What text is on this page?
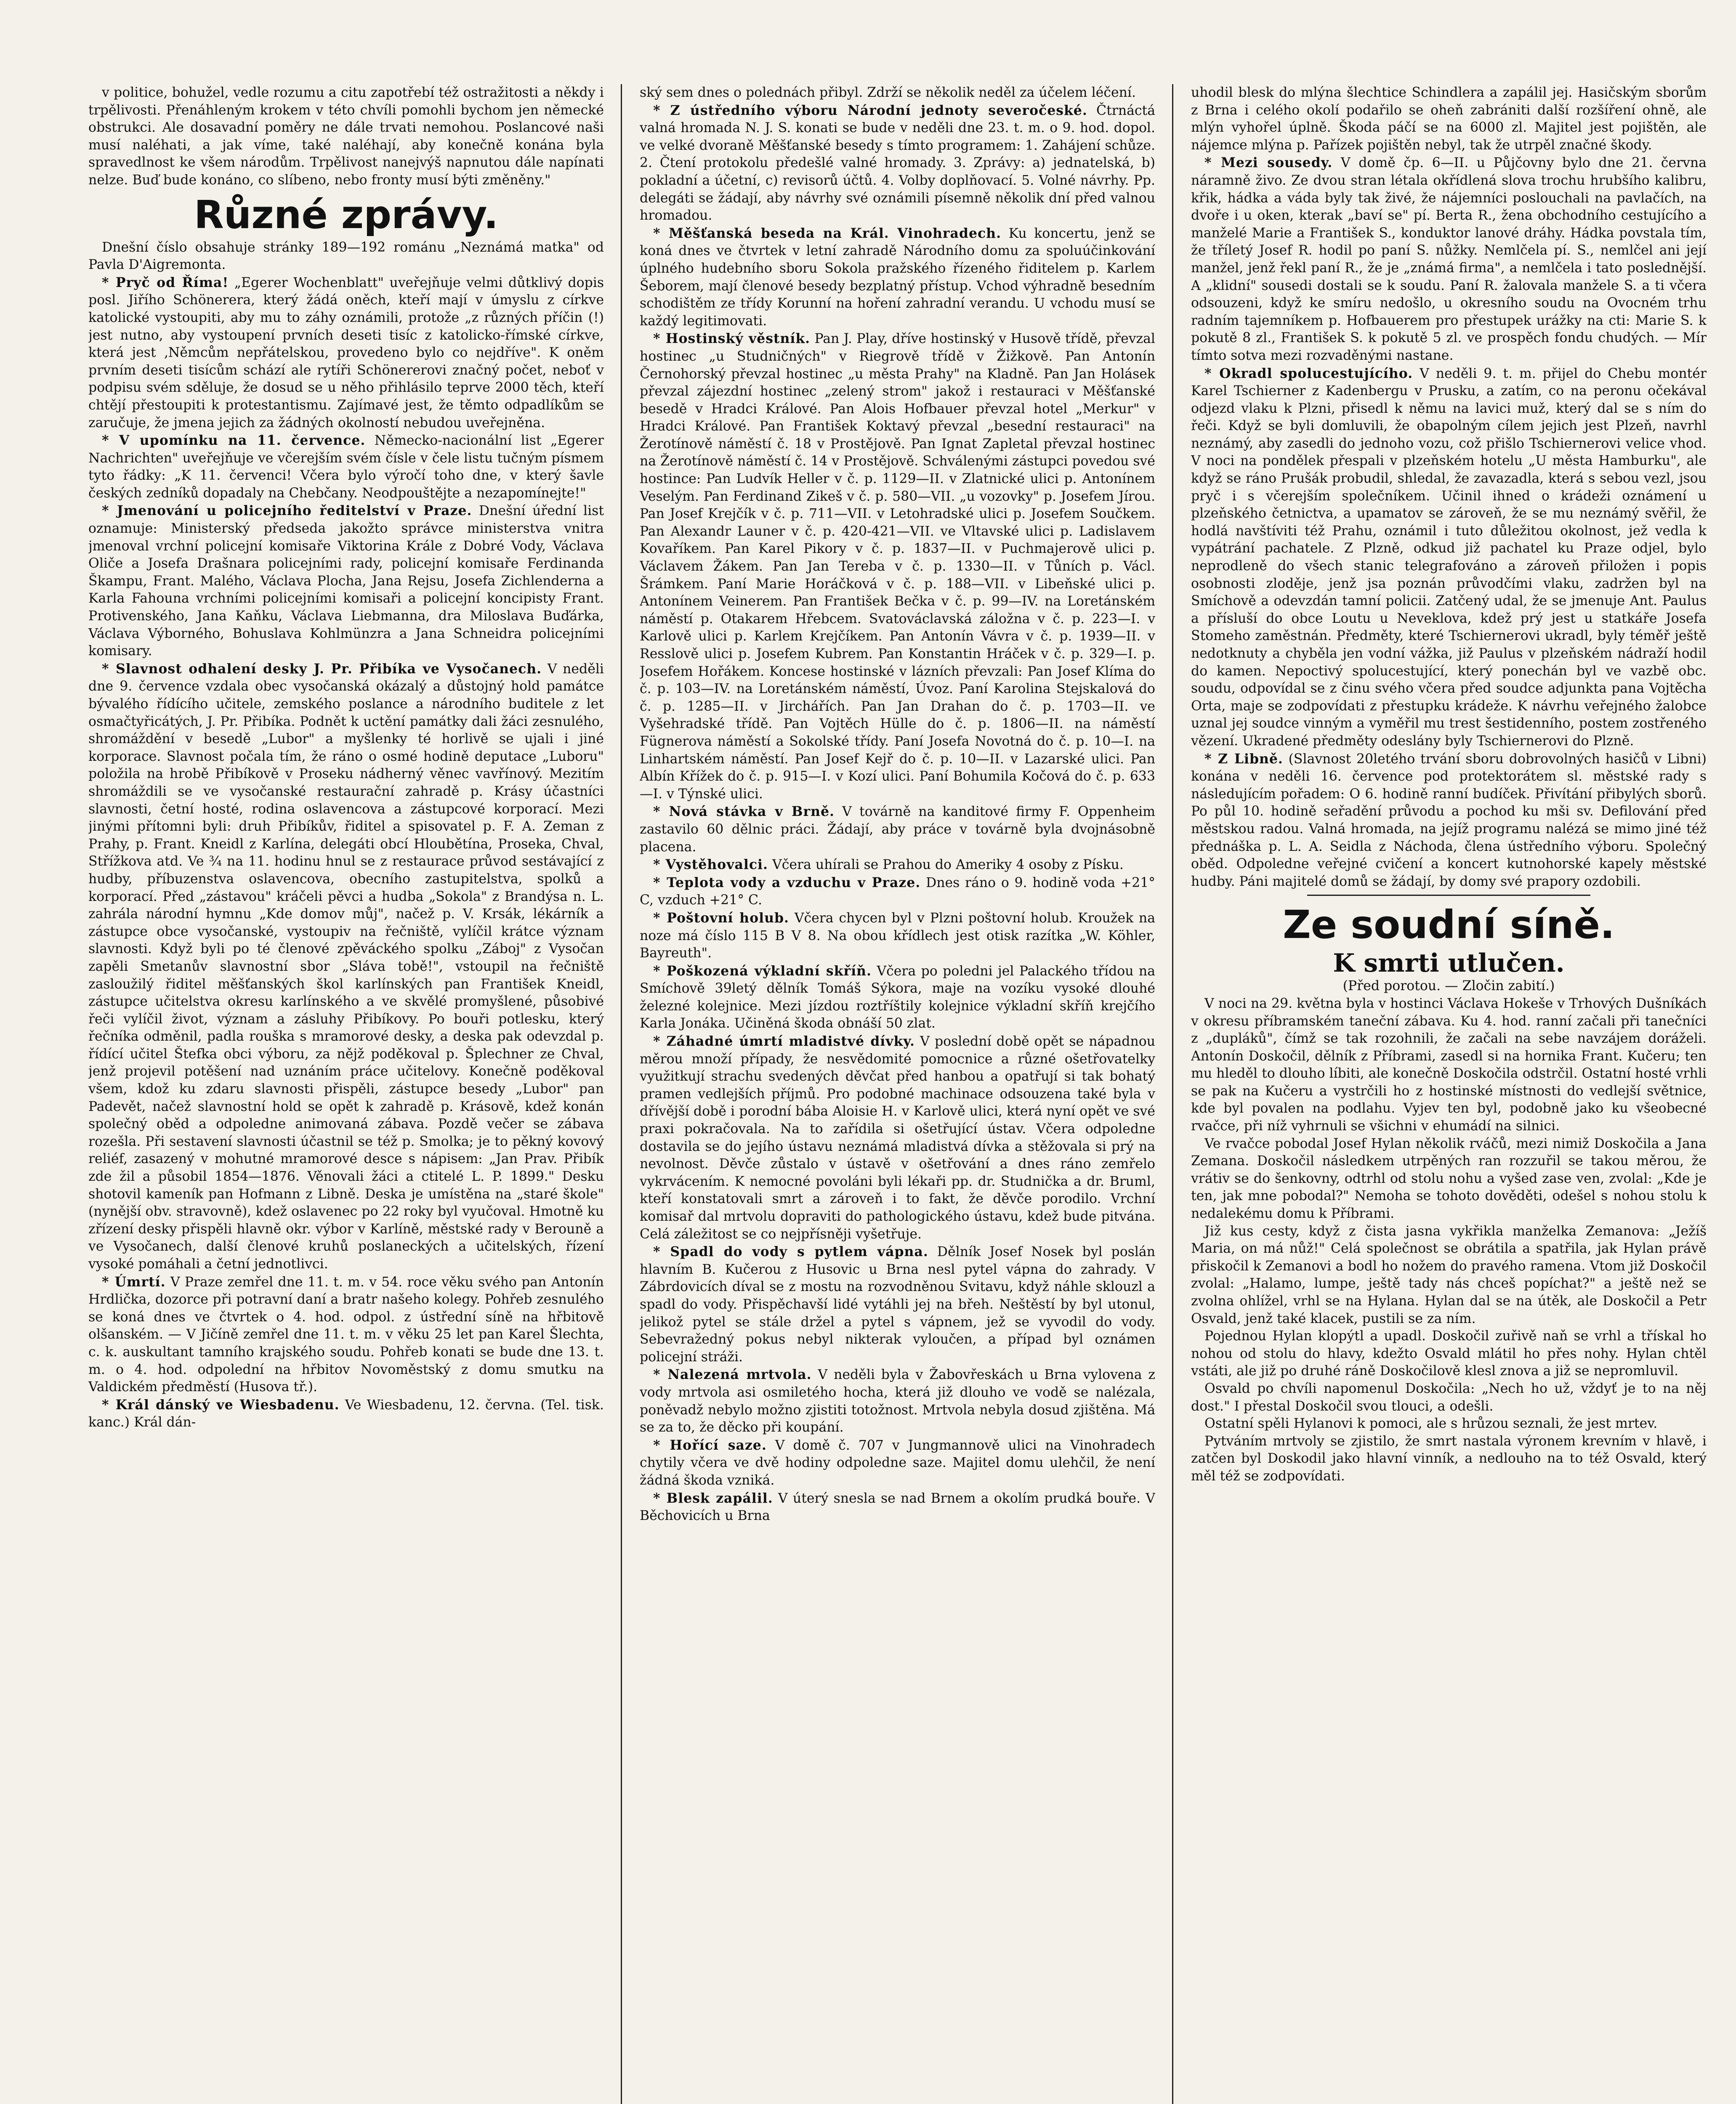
v politice, bohužel, vedle rozumu a citu zapotřebí též ostražitosti a někdy i trpělivosti. Přenáhleným krokem v této chvíli pomohli bychom jen německé obstrukci. Ale dosavadní poměry ne dále trvati nemohou. Poslancové naši musí naléhati, a jak víme, také naléhají, aby konečně konána byla spravedlnost ke všem národům. Trpělivost nanejvýš napnutou dále napínati nelze. Buď bude konáno, co slíbeno, nebo fronty musí býti změněny."

Různé zprávy.

Dnešní číslo obsahuje stránky 189—192 románu „Neznámá matka" od Pavla D'Aigremonta.

* Pryč od Říma! „Egerer Wochenblatt" uveřejňuje velmi důtklivý dopis posl. Jiřího Schönerera, který žádá oněch, kteří mají v úmyslu z církve katolické vystoupiti, aby mu to záhy oznámili, protože „z různých příčin (!) jest nutno, aby vystoupení prvních deseti tisíc z katolicko-římské církve, která jest ‚Němcům nepřátelskou, provedeno bylo co nejdříve". K oněm prvním deseti tisícům schází ale rytíři Schönererovi značný počet, neboť v podpisu svém sděluje, že dosud se u něho přihlásilo teprve 2000 těch, kteří chtějí přestoupiti k protestantismu. Zajímavé jest, že těmto odpadlíkům se zaručuje, že jmena jejich za žádných okolností nebudou uveřejněna.

* V upomínku na 11. července. Německo-nacionální list „Egerer Nachrichten" uveřejňuje ve včerejším svém čísle v čele listu tučným písmem tyto řádky: „K 11. červenci! Včera bylo výročí toho dne, v který šavle českých zedníků dopadaly na Chebčany. Neodpouštějte a nezapomínejte!"

* Jmenování u policejního ředitelství v Praze. Dnešní úřední list oznamuje: Ministerský předseda jakožto správce ministerstva vnitra jmenoval vrchní policejní komisaře Viktorina Krále z Dobré Vody, Václava Oliče a Josefa Drašnara policejními rady, policejní komisaře Ferdinanda Škampu, Frant. Malého, Václava Plocha, Jana Rejsu, Josefa Zichlenderna a Karla Fahouna vrchními policejními komisaři a policejní koncipisty Frant. Protivenského, Jana Kaňku, Václava Liebmanna, dra Miloslava Buďárka, Václava Výborného, Bohuslava Kohlmünzra a Jana Schneidra policejními komisary.

* Slavnost odhalení desky J. Pr. Přibíka ve Vysočanech. V neděli dne 9. července vzdala obec vysočanská okázalý a důstojný hold památce bývalého řídícího učitele, zemského poslance a národního buditele z let osmačtyřicátých, J. Pr. Přibíka. Podnět k uctění památky dali žáci zesnulého, shromáždění v besedě „Lubor" a myšlenky té horlivě se ujali i jiné korporace. Slavnost počala tím, že ráno o osmé hodině deputace „Luboru" položila na hrobě Přibíkově v Proseku nádherný věnec vavřínový. Mezitím shromáždili se ve vysočanské restaurační zahradě p. Krásy účastníci slavnosti, četní hosté, rodina oslavencova a zástupcové korporací. Mezi jinými přítomni byli: druh Přibíkův, řiditel a spisovatel p. F. A. Zeman z Prahy, p. Frant. Kneidl z Karlína, delegáti obcí Hloubětína, Proseka, Chval, Střížkova atd. Ve ¾ na 11. hodinu hnul se z restaurace průvod sestávající z hudby, příbuzenstva oslavencova, obecního zastupitelstva, spolků a korporací. Před „zástavou" kráčeli pěvci a hudba „Sokola" z Brandýsa n. L. zahrála národní hymnu „Kde domov můj", načež p. V. Krsák, lékárník a zástupce obce vysočanské, vystoupiv na řečniště, vylíčil krátce význam slavnosti. Když byli po té členové zpěváckého spolku „Záboj" z Vysočan zapěli Smetanův slavnostní sbor „Sláva tobě!", vstoupil na řečniště zasloužilý řiditel měšťanských škol karlínských pan František Kneidl, zástupce učitelstva okresu karlínského a ve skvělé promyšlené, působivé řeči vylíčil život, význam a zásluhy Přibíkovy. Po bouři potlesku, který řečníka odměnil, padla rouška s mramorové desky, a deska pak odevzdal p. řídící učitel Štefka obci výboru, za nějž poděkoval p. Šplechner ze Chval, jenž projevil potěšení nad uznáním práce učitelovy. Konečně poděkoval všem, kdož ku zdaru slavnosti přispěli, zástupce besedy „Lubor" pan Padevět, načež slavnostní hold se opět k zahradě p. Krásově, kdež konán společný oběd a odpoledne animovaná zábava. Pozdě večer se zábava rozešla. Při sestavení slavnosti účastnil se též p. Smolka; je to pěkný kovový reliéf, zasazený v mohutné mramorové desce s nápisem: „Jan Prav. Přibík zde žil a působil 1854—1876. Věnovali žáci a ctitelé L. P. 1899." Desku shotovil kameník pan Hofmann z Libně. Deska je umístěna na „staré škole" (nynější obv. stravovně), kdež oslavenec po 22 roky byl vyučoval. Hmotně ku zřízení desky přispěli hlavně okr. výbor v Karlíně, městské rady v Berouně a ve Vysočanech, další členové kruhů poslaneckých a učitelských, řízení vysoké pomáhali a četní jednotlivci.

* Úmrtí. V Praze zemřel dne 11. t. m. v 54. roce věku svého pan Antonín Hrdlička, dozorce při potravní daní a bratr našeho kolegy. Pohřeb zesnulého se koná dnes ve čtvrtek o 4. hod. odpol. z ústřední síně na hřbitově olšanském. — V Jičíně zemřel dne 11. t. m. v věku 25 let pan Karel Šlechta, c. k. auskultant tamního krajského soudu. Pohřeb konati se bude dne 13. t. m. o 4. hod. odpolední na hřbitov Novoměstský z domu smutku na Valdickém předměstí (Husova tř.).

* Král dánský ve Wiesbadenu. Ve Wiesbadenu, 12. června. (Tel. tisk. kanc.) Král dán-

ský sem dnes o polednách přibyl. Zdrží se několik neděl za účelem léčení.

* Z ústředního výboru Národní jednoty severočeské. Čtrnáctá valná hromada N. J. S. konati se bude v neděli dne 23. t. m. o 9. hod. dopol. ve velké dvoraně Měšťanské besedy s tímto programem: 1. Zahájení schůze. 2. Čtení protokolu předešlé valné hromady. 3. Zprávy: a) jednatelská, b) pokladní a účetní, c) revisorů účtů. 4. Volby doplňovací. 5. Volné návrhy. Pp. delegáti se žádají, aby návrhy své oznámili písemně několik dní před valnou hromadou.

* Měšťanská beseda na Král. Vinohradech. Ku koncertu, jenž se koná dnes ve čtvrtek v letní zahradě Národního domu za spoluúčinkování úplného hudebního sboru Sokola pražského řízeného řiditelem p. Karlem Šeborem, mají členové besedy bezplatný přístup. Vchod výhradně besedním schodištěm ze třídy Korunní na hoření zahradní verandu. U vchodu musí se každý legitimovati.

* Hostinský věstník. Pan J. Play, dříve hostinský v Husově třídě, převzal hostinec „u Studničných" v Riegrově třídě v Žižkově. Pan Antonín Černohorský převzal hostinec „u města Prahy" na Kladně. Pan Jan Holásek převzal zájezdní hostinec „zelený strom" jakož i restauraci v Měšťanské besedě v Hradci Králové. Pan Alois Hofbauer převzal hotel „Merkur" v Hradci Králové. Pan František Koktavý převzal „besední restauraci" na Žerotínově náměstí č. 18 v Prostějově. Pan Ignat Zapletal převzal hostinec na Žerotínově náměstí č. 14 v Prostějově. Schválenými zástupci povedou své hostince: Pan Ludvík Heller v č. p. 1129—II. v Zlatnické ulici p. Antonínem Veselým. Pan Ferdinand Zikeš v č. p. 580—VII. „u vozovky" p. Josefem Jírou. Pan Josef Krejčík v č. p. 711—VII. v Letohradské ulici p. Josefem Součkem. Pan Alexandr Launer v č. p. 420-421—VII. ve Vltavské ulici p. Ladislavem Kovaříkem. Pan Karel Pikory v č. p. 1837—II. v Puchmajerově ulici p. Václavem Žákem. Pan Jan Tereba v č. p. 1330—II. v Tůních p. Václ. Šrámkem. Paní Marie Horáčková v č. p. 188—VII. v Libeňské ulici p. Antonínem Veinerem. Pan František Bečka v č. p. 99—IV. na Loretánském náměstí p. Otakarem Hřebcem. Svatováclavská záložna v č. p. 223—I. v Karlově ulici p. Karlem Krejčíkem. Pan Antonín Vávra v č. p. 1939—II. v Resslově ulici p. Josefem Kubrem. Pan Konstantin Hráček v č. p. 329—I. p. Josefem Hořákem. Koncese hostinské v lázních převzali: Pan Josef Klíma do č. p. 103—IV. na Loretánském náměstí, Úvoz. Paní Karolina Stejskalová do č. p. 1285—II. v Jirchářích. Pan Jan Drahan do č. p. 1703—II. ve Vyšehradské třídě. Pan Vojtěch Hülle do č. p. 1806—II. na náměstí Fügnerova náměstí a Sokolské třídy. Paní Josefa Novotná do č. p. 10—I. na Linhartském náměstí. Pan Josef Kejř do č. p. 10—II. v Lazarské ulici. Pan Albín Křížek do č. p. 915—I. v Kozí ulici. Paní Bohumila Kočová do č. p. 633—I. v Týnské ulici.

* Nová stávka v Brně. V továrně na kanditové firmy F. Oppenheim zastavilo 60 dělnic práci. Žádají, aby práce v továrně byla dvojnásobně placena.

* Vystěhovalci. Včera uhírali se Prahou do Ameriky 4 osoby z Písku.

* Teplota vody a vzduchu v Praze. Dnes ráno o 9. hodině voda +21° C, vzduch +21° C.

* Poštovní holub. Včera chycen byl v Plzni poštovní holub. Kroužek na noze má číslo 115 B V 8. Na obou křídlech jest otisk razítka „W. Köhler, Bayreuth".

* Poškozená výkladní skříň. Včera po poledni jel Palackého třídou na Smíchově 39letý dělník Tomáš Sýkora, maje na vozíku vysoké dlouhé železné kolejnice. Mezi jízdou roztříštily kolejnice výkladní skříň krejčího Karla Jonáka. Učiněná škoda obnáší 50 zlat.

* Záhadné úmrtí mladistvé dívky. V poslední době opět se nápadnou měrou množí případy, že nesvědomité pomocnice a různé ošetřovatelky využitkují strachu svedených děvčat před hanbou a opatřují si tak bohatý pramen vedlejších příjmů. Pro podobné machinace odsouzena také byla v dřívější době i porodní bába Aloisie H. v Karlově ulici, která nyní opět ve své praxi pokračovala. Na to zařídila si ošetřující ústav. Včera odpoledne dostavila se do jejího ústavu neznámá mladistvá dívka a stěžovala si prý na nevolnost. Děvče zůstalo v ústavě v ošetřování a dnes ráno zemřelo vykrvácením. K nemocné povoláni byli lékaři pp. dr. Studnička a dr. Bruml, kteří konstatovali smrt a zároveň i to fakt, že děvče porodilo. Vrchní komisař dal mrtvolu dopraviti do pathologického ústavu, kdež bude pitvána. Celá záležitost se co nejpřísněji vyšetřuje.

* Spadl do vody s pytlem vápna. Dělník Josef Nosek byl poslán hlavním B. Kučerou z Husovic u Brna nesl pytel vápna do zahrady. V Zábrdovicích díval se z mostu na rozvodněnou Svitavu, když náhle sklouzl a spadl do vody. Přispěchavší lidé vytáhli jej na břeh. Neštěstí by byl utonul, jelikož pytel se stále držel a pytel s vápnem, jež se vyvodil do vody. Sebevražedný pokus nebyl nikterak vyloučen, a případ byl oznámen policejní stráži.

* Nalezená mrtvola. V neděli byla v Žabovřeskách u Brna vylovena z vody mrtvola asi osmiletého hocha, která již dlouho ve vodě se nalézala, poněvadž nebylo možno zjistiti totožnost. Mrtvola nebyla dosud zjištěna. Má se za to, že děcko při koupání.

* Hořící saze. V domě č. 707 v Jungmannově ulici na Vinohradech chytily včera ve dvě hodiny odpoledne saze. Majitel domu ulehčil, že není žádná škoda vzniká.

* Blesk zapálil. V úterý snesla se nad Brnem a okolím prudká bouře. V Běchovicích u Brna

uhodil blesk do mlýna šlechtice Schindlera a zapálil jej. Hasičským sborům z Brna i celého okolí podařilo se oheň zabrániti další rozšíření ohně, ale mlýn vyhořel úplně. Škoda páčí se na 6000 zl. Majitel jest pojištěn, ale nájemce mlýna p. Pařízek pojištěn nebyl, tak že utrpěl značné škody.

* Mezi sousedy. V domě čp. 6—II. u Půjčovny bylo dne 21. června náramně živo. Ze dvou stran létala okřídlená slova trochu hrubšího kalibru, křik, hádka a váda byly tak živé, že nájemníci poslouchali na pavlačích, na dvoře i u oken, kterak „baví se" pí. Berta R., žena obchodního cestujícího a manželé Marie a František S., konduktor lanové dráhy. Hádka povstala tím, že tříletý Josef R. hodil po paní S. nůžky. Nemlčela pí. S., nemlčel ani její manžel, jenž řekl paní R., že je „známá firma", a nemlčela i tato poslednější. A „klidní" sousedi dostali se k soudu. Paní R. žalovala manžele S. a ti včera odsouzeni, když ke smíru nedošlo, u okresního soudu na Ovocném trhu radním tajemníkem p. Hofbauerem pro přestupek urážky na cti: Marie S. k pokutě 8 zl., František S. k pokutě 5 zl. ve prospěch fondu chudých. — Mír tímto sotva mezi rozvaděnými nastane.

* Okradl spolucestujícího. V neděli 9. t. m. přijel do Chebu montér Karel Tschierner z Kadenbergu v Prusku, a zatím, co na peronu očekával odjezd vlaku k Plzni, přisedl k němu na lavici muž, který dal se s ním do řeči. Když se byli domluvili, že obapolným cílem jejich jest Plzeň, navrhl neznámý, aby zasedli do jednoho vozu, což přišlo Tschiernerovi velice vhod. V noci na pondělek přespali v plzeňském hotelu „U města Hamburku", ale když se ráno Prušák probudil, shledal, že zavazadla, která s sebou vezl, jsou pryč i s včerejším společníkem. Učinil ihned o krádeži oznámení u plzeňského četnictva, a upamatov se zároveň, že se mu neznámý svěřil, že hodlá navštíviti též Prahu, oznámil i tuto důležitou okolnost, jež vedla k vypátrání pachatele. Z Plzně, odkud již pachatel ku Praze odjel, bylo neprodleně do všech stanic telegrafováno a zároveň přiložen i popis osobnosti zloděje, jenž jsa poznán průvodčími vlaku, zadržen byl na Smíchově a odevzdán tamní policii. Zatčený udal, že se jmenuje Ant. Paulus a přísluší do obce Loutu u Neveklova, kdež prý jest u statkáře Josefa Stomeho zaměstnán. Předměty, které Tschiernerovi ukradl, byly téměř ještě nedotknuty a chyběla jen vodní vážka, již Paulus v plzeňském nádraží hodil do kamen. Nepoctivý spolucestující, který ponechán byl ve vazbě obc. soudu, odpovídal se z činu svého včera před soudce adjunkta pana Vojtěcha Orta, maje se zodpovídati z přestupku krádeže. K návrhu veřejného žalobce uznal jej soudce vinným a vyměřil mu trest šestidenního, postem zostřeného vězení. Ukradené předměty odeslány byly Tschiernerovi do Plzně.

* Z Libně. (Slavnost 20letého trvání sboru dobrovolných hasičů v Libni) konána v neděli 16. července pod protektorátem sl. městské rady s následujícím pořadem: O 6. hodině ranní budíček. Přivítání přibylých sborů. Po půl 10. hodině seřadění průvodu a pochod ku mši sv. Defilování před městskou radou. Valná hromada, na jejíž programu nalézá se mimo jiné též přednáška p. L. A. Seidla z Náchoda, člena ústředního výboru. Společný oběd. Odpoledne veřejné cvičení a koncert kutnohorské kapely městské hudby. Páni majitelé domů se žádají, by domy své prapory ozdobili.

Ze soudní síně.

K smrti utlučen.

(Před porotou. — Zločin zabití.)

V noci na 29. května byla v hostinci Václava Hokeše v Trhových Dušníkách v okresu příbramském taneční zábava. Ku 4. hod. ranní začali při tanečníci z „dupláků", čímž se tak rozohnili, že začali na sebe navzájem doráželi. Antonín Doskočil, dělník z Příbrami, zasedl si na hornika Frant. Kučeru; ten mu hleděl to dlouho líbiti, ale konečně Doskočila odstrčil. Ostatní hosté vrhli se pak na Kučeru a vystrčili ho z hostinské místnosti do vedlejší světnice, kde byl povalen na podlahu. Vyjev ten byl, podobně jako ku všeobecné rvačce, při níž vyhrnuli se všichni v ehumádí na silnici.

Ve rvačce pobodal Josef Hylan několik rváčů, mezi nimiž Doskočila a Jana Zemana. Doskočil následkem utrpěných ran rozzuřil se takou měrou, že vrátiv se do šenkovny, odtrhl od stolu nohu a vyšed zase ven, zvolal: „Kde je ten, jak mne pobodal?" Nemoha se tohoto dověděti, odešel s nohou stolu k nedalekému domu k Příbrami.

Již kus cesty, když z čista jasna vykřikla manželka Zemanova: „Ježíš Maria, on má nůž!" Celá společnost se obrátila a spatřila, jak Hylan právě přiskočil k Zemanovi a bodl ho nožem do pravého ramena. Vtom již Doskočil zvolal: „Halamo, lumpe, ještě tady nás chceš popíchat?" a ještě než se zvolna ohlížel, vrhl se na Hylana. Hylan dal se na útěk, ale Doskočil a Petr Osvald, jenž také klacek, pustili se za ním.

Pojednou Hylan klopýtl a upadl. Doskočil zuřivě naň se vrhl a třískal ho nohou od stolu do hlavy, kdežto Osvald mlátil ho přes nohy. Hylan chtěl vstáti, ale již po druhé ráně Doskočilově klesl znova a již se nepromluvil.

Osvald po chvíli napomenul Doskočila: „Nech ho už, vždyť je to na něj dost." I přestal Doskočil svou tlouci, a odešli.

Ostatní spěli Hylanovi k pomoci, ale s hrůzou seznali, že jest mrtev.

Pytváním mrtvoly se zjistilo, že smrt nastala výronem krevním v hlavě, i zatčen byl Doskodil jako hlavní vinník, a nedlouho na to též Osvald, který měl též se zodpovídati.
